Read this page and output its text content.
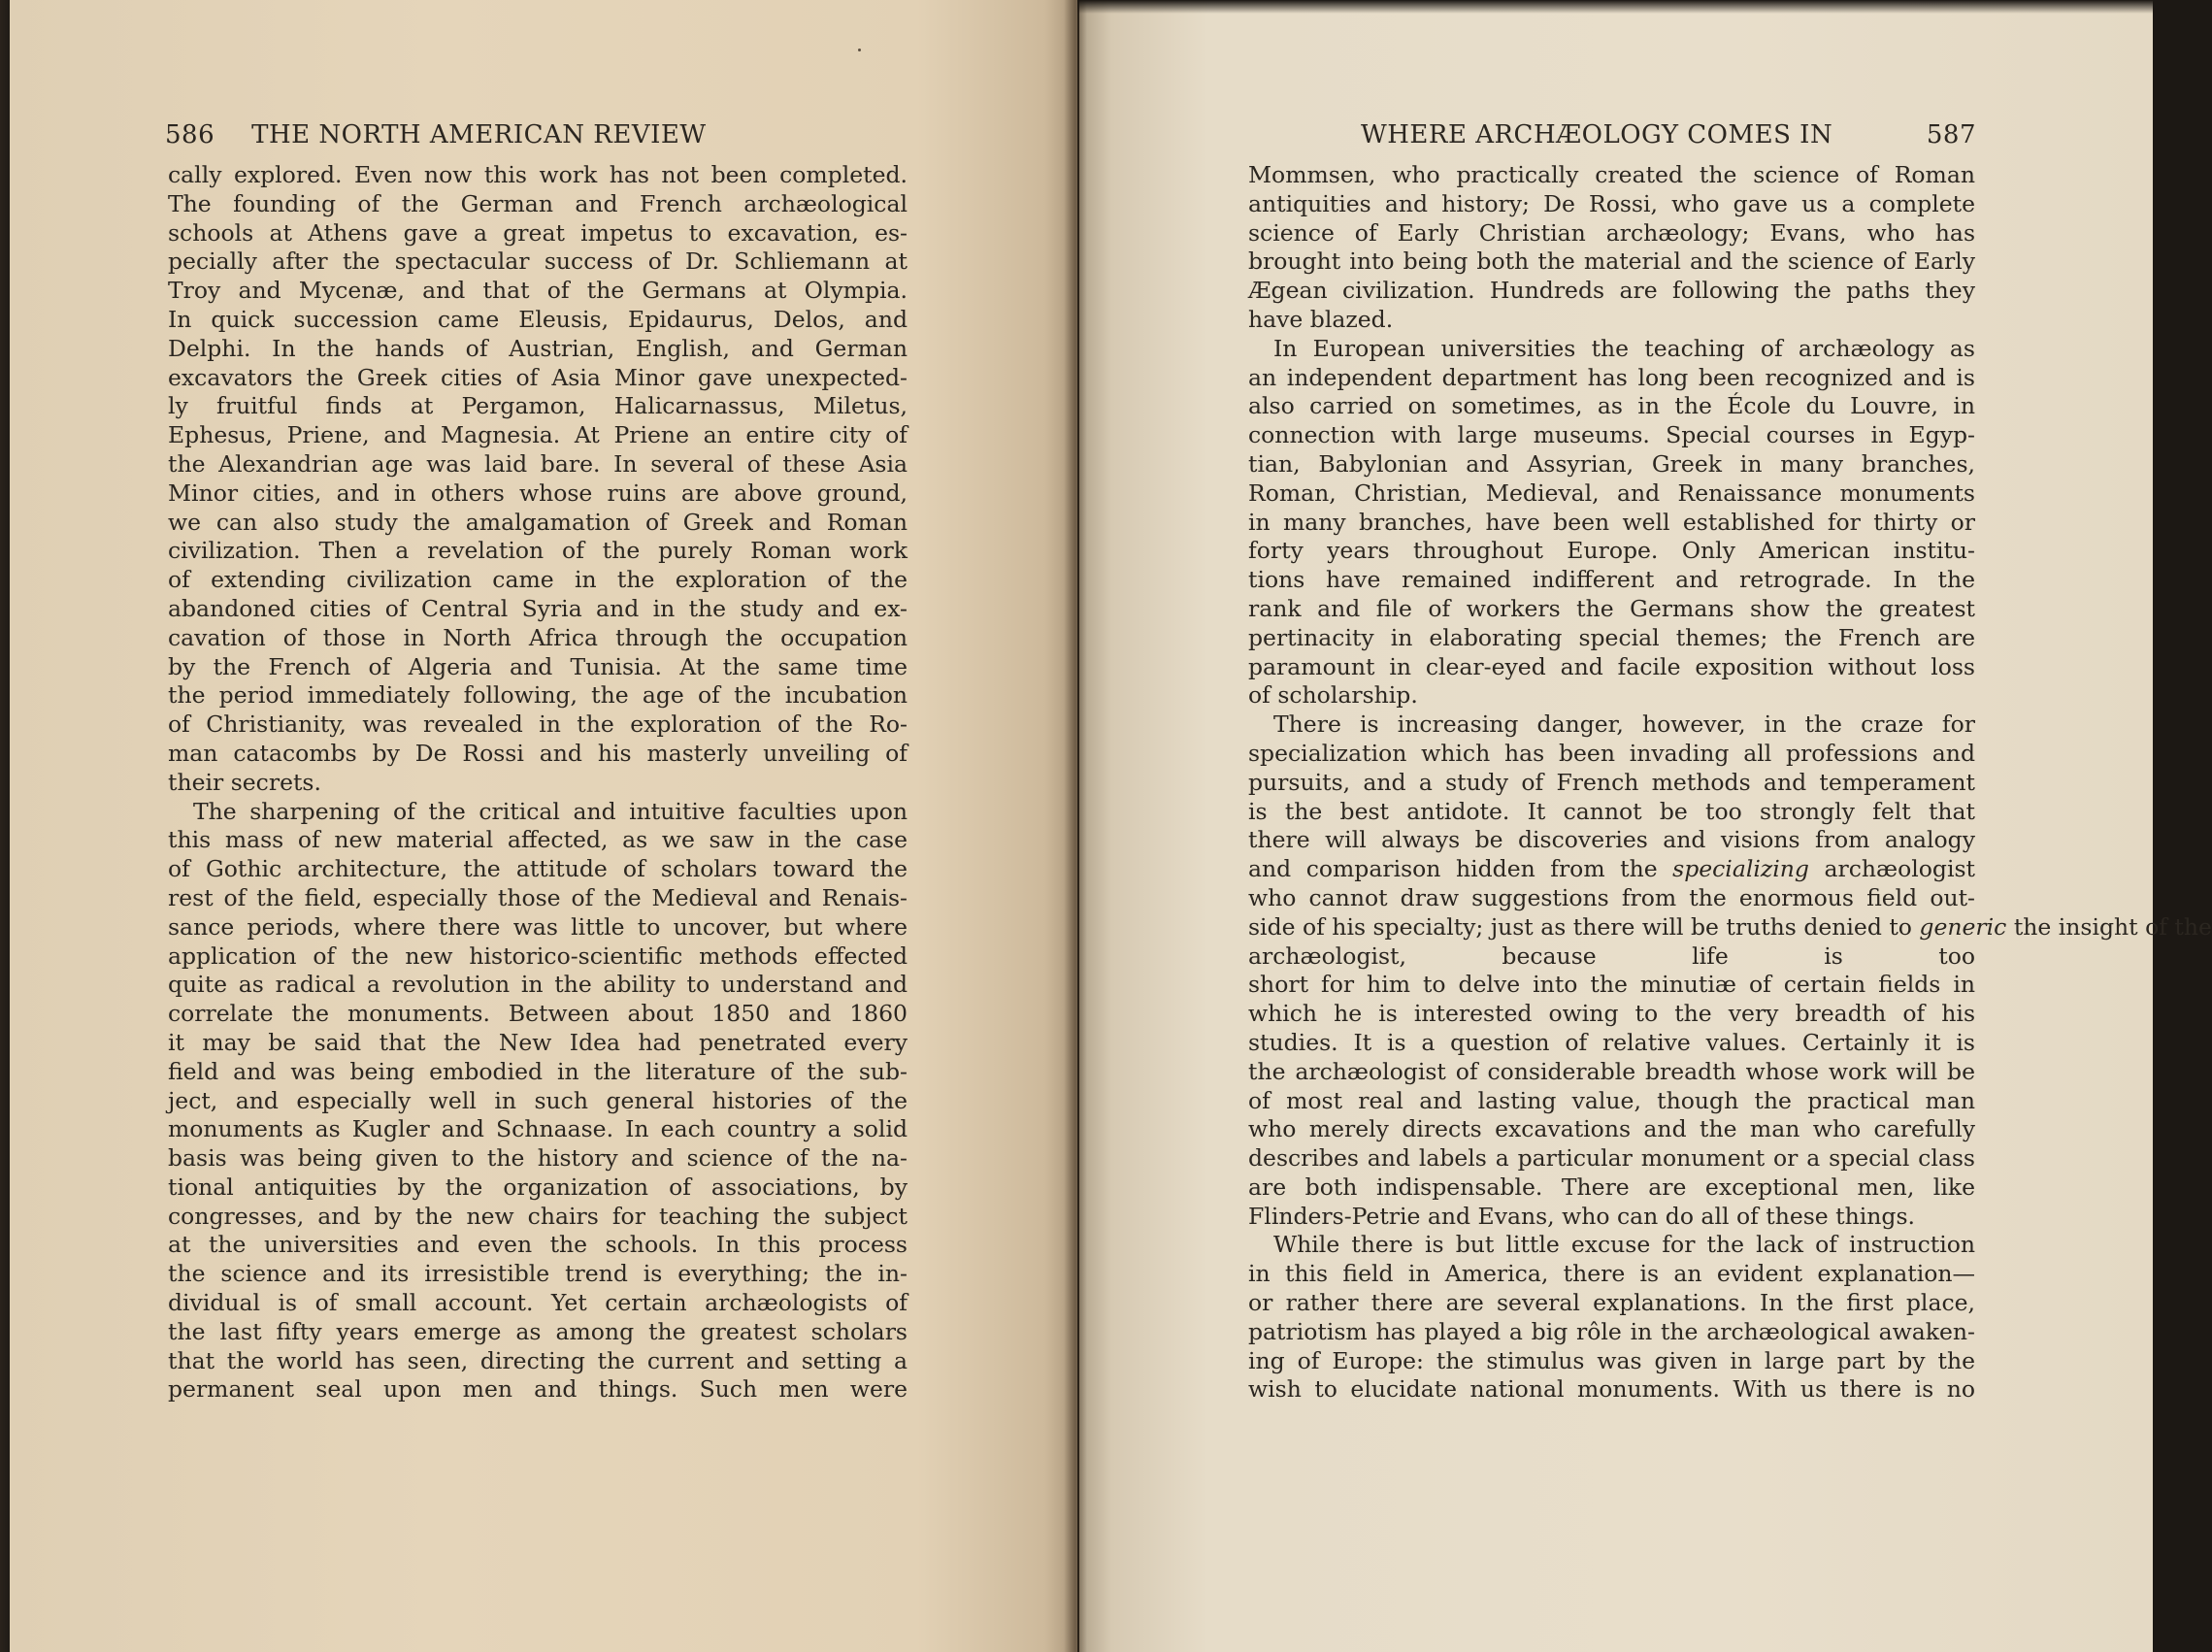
586 THE NORTH AMERICAN REVIEW
cally explored. Even now this work has not been completed.
The founding of the German and French archæological
schools at Athens gave a great impetus to excavation, es-
pecially after the spectacular success of Dr. Schliemann at
Troy and Mycenæ, and that of the Germans at Olympia.
In quick succession came Eleusis, Epidaurus, Delos, and
Delphi. In the hands of Austrian, English, and German
excavators the Greek cities of Asia Minor gave unexpected-
ly fruitful finds at Pergamon, Halicarnassus, Miletus,
Ephesus, Priene, and Magnesia. At Priene an entire city of
the Alexandrian age was laid bare. In several of these Asia
Minor cities, and in others whose ruins are above ground,
we can also study the amalgamation of Greek and Roman
civilization. Then a revelation of the purely Roman work
of extending civilization came in the exploration of the
abandoned cities of Central Syria and in the study and ex-
cavation of those in North Africa through the occupation
by the French of Algeria and Tunisia. At the same time
the period immediately following, the age of the incubation
of Christianity, was revealed in the exploration of the Ro-
man catacombs by De Rossi and his masterly unveiling of
their secrets.
The sharpening of the critical and intuitive faculties upon
this mass of new material affected, as we saw in the case
of Gothic architecture, the attitude of scholars toward the
rest of the field, especially those of the Medieval and Renais-
sance periods, where there was little to uncover, but where
application of the new historico-scientific methods effected
quite as radical a revolution in the ability to understand and
correlate the monuments. Between about 1850 and 1860
it may be said that the New Idea had penetrated every
field and was being embodied in the literature of the sub-
ject, and especially well in such general histories of the
monuments as Kugler and Schnaase. In each country a solid
basis was being given to the history and science of the na-
tional antiquities by the organization of associations, by
congresses, and by the new chairs for teaching the subject
at the universities and even the schools. In this process
the science and its irresistible trend is everything; the in-
dividual is of small account. Yet certain archæologists of
the last fifty years emerge as among the greatest scholars
that the world has seen, directing the current and setting a
permanent seal upon men and things. Such men were
WHERE ARCHÆOLOGY COMES IN	587
Mommsen, who practically created the science of Roman
antiquities and history; De Rossi, who gave us a complete
science of Early Christian archæology; Evans, who has
brought into being both the material and the science of Early
Ægean civilization. Hundreds are following the paths they
have blazed.
In European universities the teaching of archæology as
an independent department has long been recognized and is
also carried on sometimes, as in the École du Louvre, in
connection with large museums. Special courses in Egyp-
tian, Babylonian and Assyrian, Greek in many branches,
Roman, Christian, Medieval, and Renaissance monuments
in many branches, have been well established for thirty or
forty years throughout Europe. Only American institu-
tions have remained indifferent and retrograde. In the
rank and file of workers the Germans show the greatest
pertinacity in elaborating special themes; the French are
paramount in clear-eyed and facile exposition without loss
of scholarship.
There is increasing danger, however, in the craze for
specialization which has been invading all professions and
pursuits, and a study of French methods and temperament
is the best antidote. It cannot be too strongly felt that
there will always be discoveries and visions from analogy
and comparison hidden from the specializing archæologist
who cannot draw suggestions from the enormous field out-
side of his specialty; just as there will be truths denied to generic the insight of the
archæologist, because life is too
short for him to delve into the minutiæ of certain fields in
which he is interested owing to the very breadth of his
studies. It is a question of relative values. Certainly it is
the archæologist of considerable breadth whose work will be
of most real and lasting value, though the practical man
who merely directs excavations and the man who carefully
describes and labels a particular monument or a special class
are both indispensable. There are exceptional men, like
Flinders-Petrie and Evans, who can do all of these things.
While there is but little excuse for the lack of instruction
in this field in America, there is an evident explanation—
or rather there are several explanations. In the first place,
patriotism has played a big rôle in the archæological awaken-
ing of Europe: the stimulus was given in large part by the
wish to elucidate national monuments. With us there is no
